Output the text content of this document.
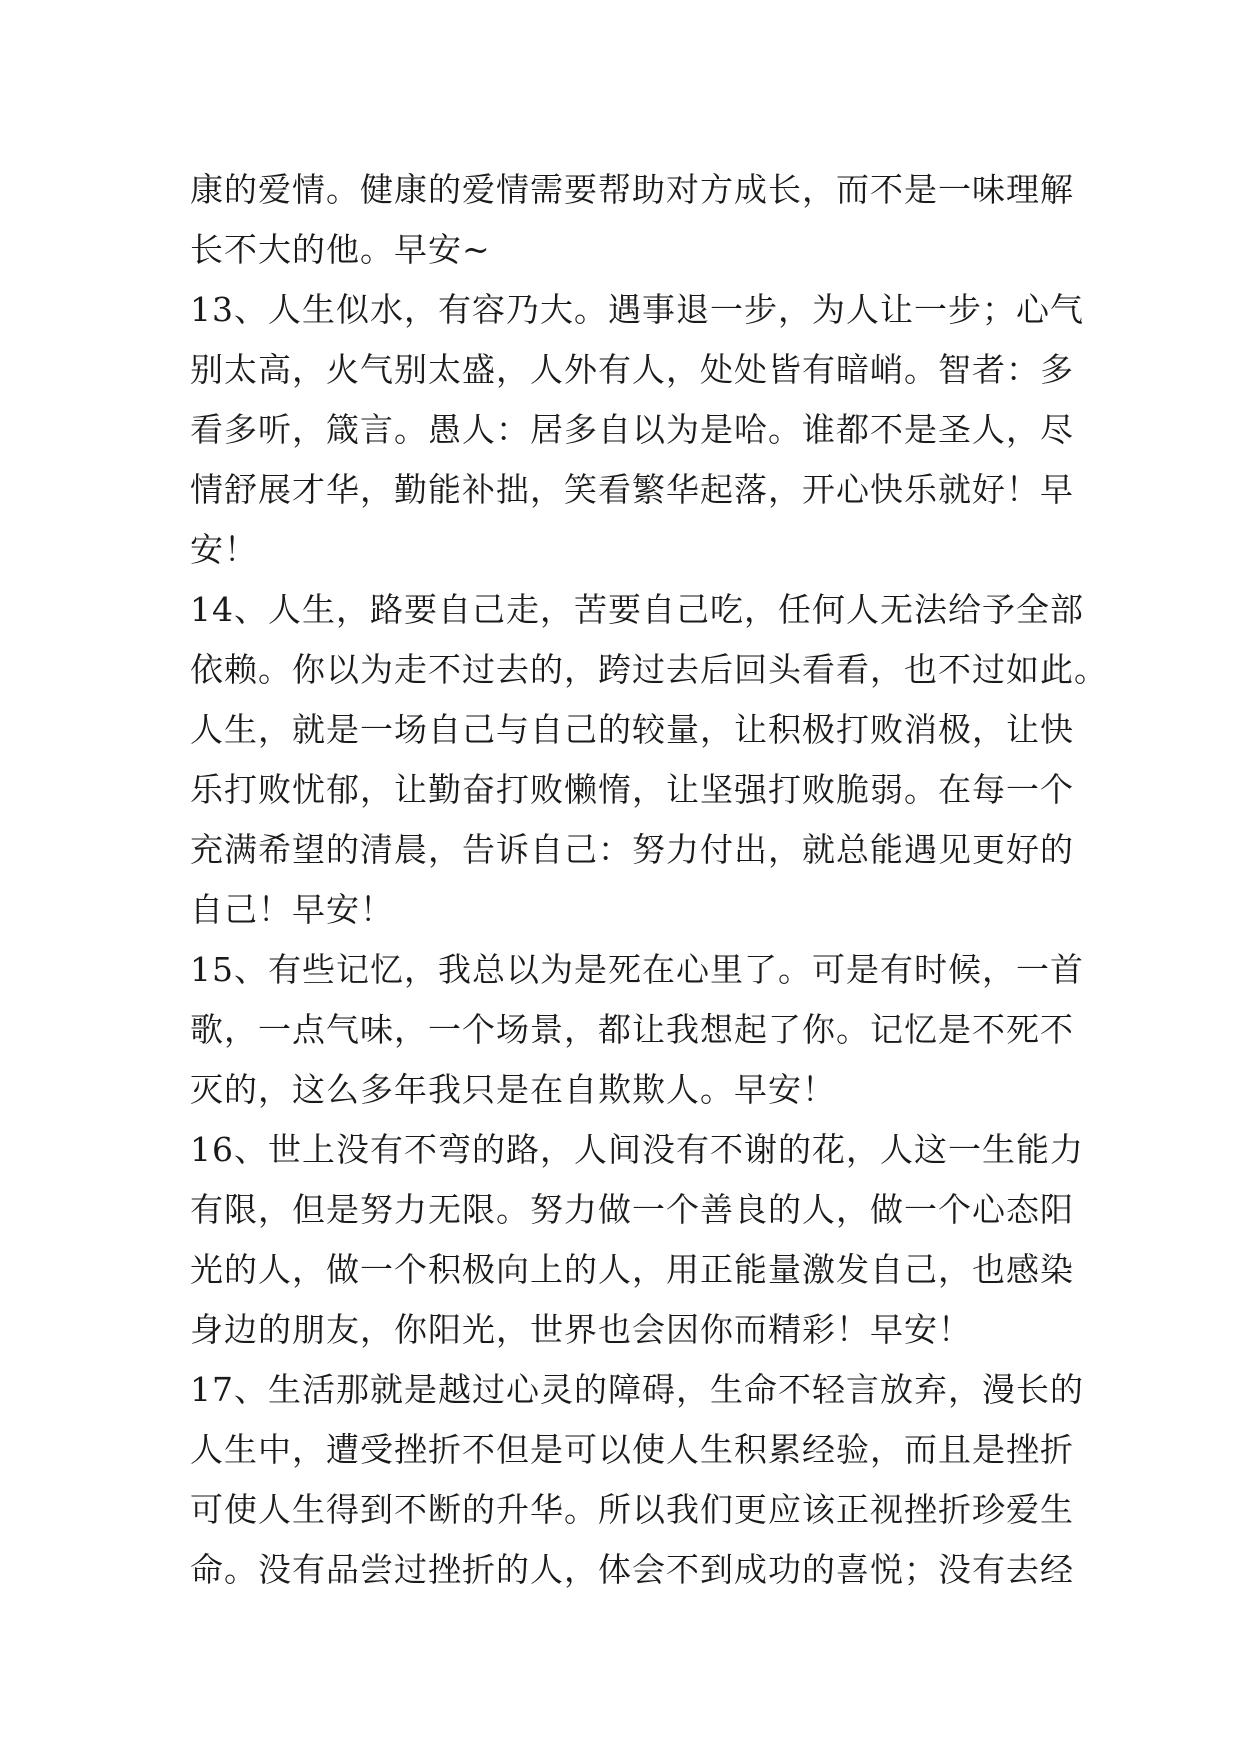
康的爱情。健康的爱情需要帮助对方成长，而不是一味理解
长不大的他。早安~
13、人生似水，有容乃大。遇事退一步，为人让一步；心气
别太高，火气别太盛，人外有人，处处皆有暗峭。智者：多
看多听，箴言。愚人：居多自以为是哈。谁都不是圣人，尽
情舒展才华，勤能补拙，笑看繁华起落，开心快乐就好！早
安！
14、人生，路要自己走，苦要自己吃，任何人无法给予全部
依赖。你以为走不过去的，跨过去后回头看看，也不过如此。
人生，就是一场自己与自己的较量，让积极打败消极，让快
乐打败忧郁，让勤奋打败懒惰，让坚强打败脆弱。在每一个
充满希望的清晨，告诉自己：努力付出，就总能遇见更好的
自己！早安！
15、有些记忆，我总以为是死在心里了。可是有时候，一首
歌，一点气味，一个场景，都让我想起了你。记忆是不死不
灭的，这么多年我只是在自欺欺人。早安！
16、世上没有不弯的路，人间没有不谢的花，人这一生能力
有限，但是努力无限。努力做一个善良的人，做一个心态阳
光的人，做一个积极向上的人，用正能量激发自己，也感染
身边的朋友，你阳光，世界也会因你而精彩！早安！
17、生活那就是越过心灵的障碍，生命不轻言放弃，漫长的
人生中，遭受挫折不但是可以使人生积累经验，而且是挫折
可使人生得到不断的升华。所以我们更应该正视挫折珍爱生
命。没有品尝过挫折的人，体会不到成功的喜悦；没有去经
